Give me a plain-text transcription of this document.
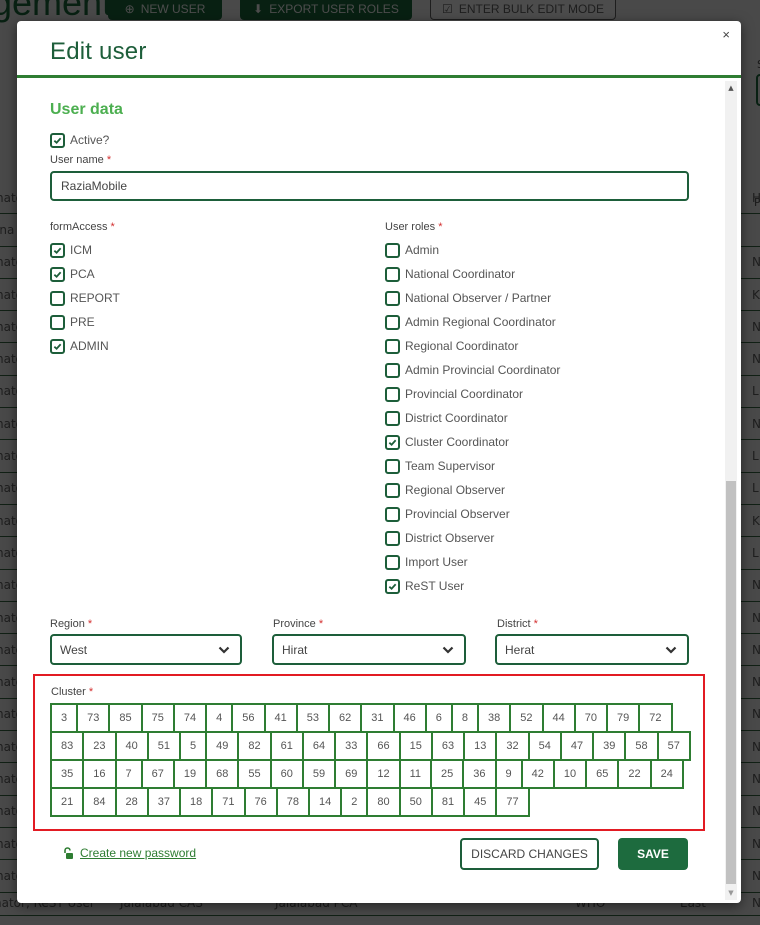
Edit user
×
▲
▼
User data
Active?
User name *
RaziaMobile
formAccess *
ICM
PCA
REPORT
PRE
ADMIN
User roles *
Admin
National Coordinator
National Observer / Partner
Admin Regional Coordinator
Regional Coordinator
Admin Provincial Coordinator
Provincial Coordinator
District Coordinator
Cluster Coordinator
Team Supervisor
Regional Observer
Provincial Observer
District Observer
Import User
ReST User
Region *
West
Province *
Hirat
District *
Herat
Cluster *
3	73	85	75	74	4	56	41	53	62	31	46	6	8	38	52	44	70	79	72
83	23	40	51	5	49	82	61	64	33	66	15	63	13	32	54	47	39	58	57
35	16	7	67	19	68	55	60	59	69	12	11	25	36	9	42	10	65	22	24
21	84	28	37	18	71	76	78	14	2	80	50	81	45	77
Create new password	DISCARD CHANGES	SAVE
